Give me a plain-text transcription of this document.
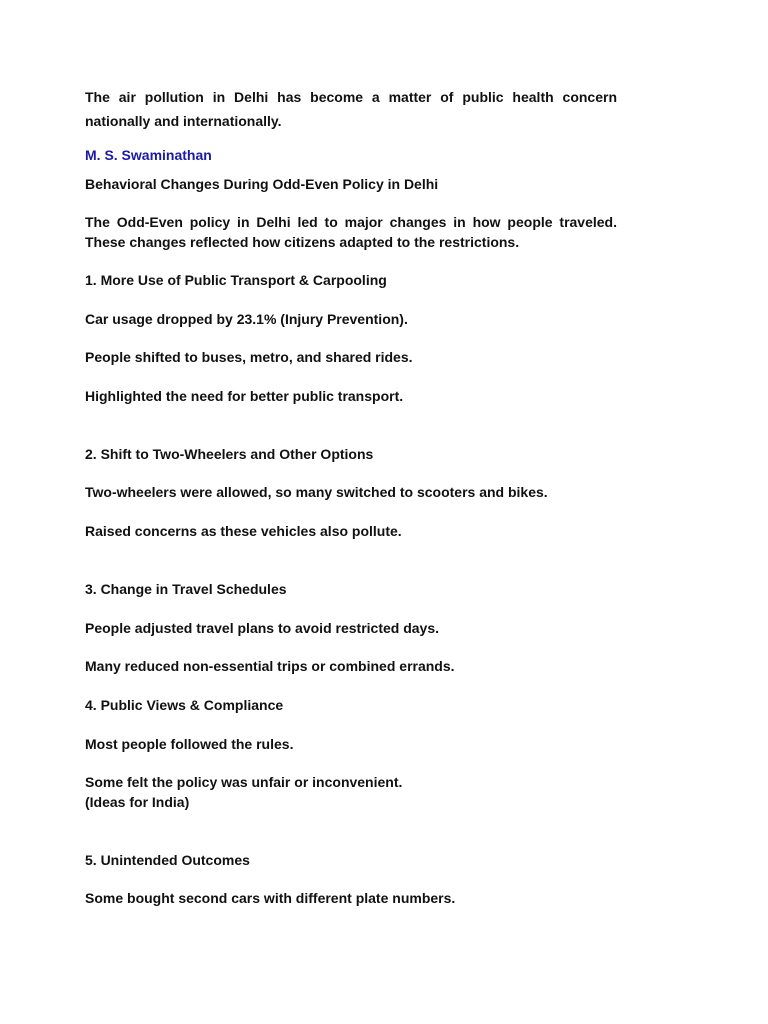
The air pollution in Delhi has become a matter of public health concern nationally and internationally.

M. S. Swaminathan

Behavioral Changes During Odd-Even Policy in Delhi

The Odd-Even policy in Delhi led to major changes in how people traveled. These changes reflected how citizens adapted to the restrictions.

1. More Use of Public Transport & Carpooling

Car usage dropped by 23.1% (Injury Prevention).

People shifted to buses, metro, and shared rides.

Highlighted the need for better public transport.

2. Shift to Two-Wheelers and Other Options

Two-wheelers were allowed, so many switched to scooters and bikes.

Raised concerns as these vehicles also pollute.

3. Change in Travel Schedules

People adjusted travel plans to avoid restricted days.

Many reduced non-essential trips or combined errands.

4. Public Views & Compliance

Most people followed the rules.

Some felt the policy was unfair or inconvenient.

(Ideas for India)

5. Unintended Outcomes

Some bought second cars with different plate numbers.
